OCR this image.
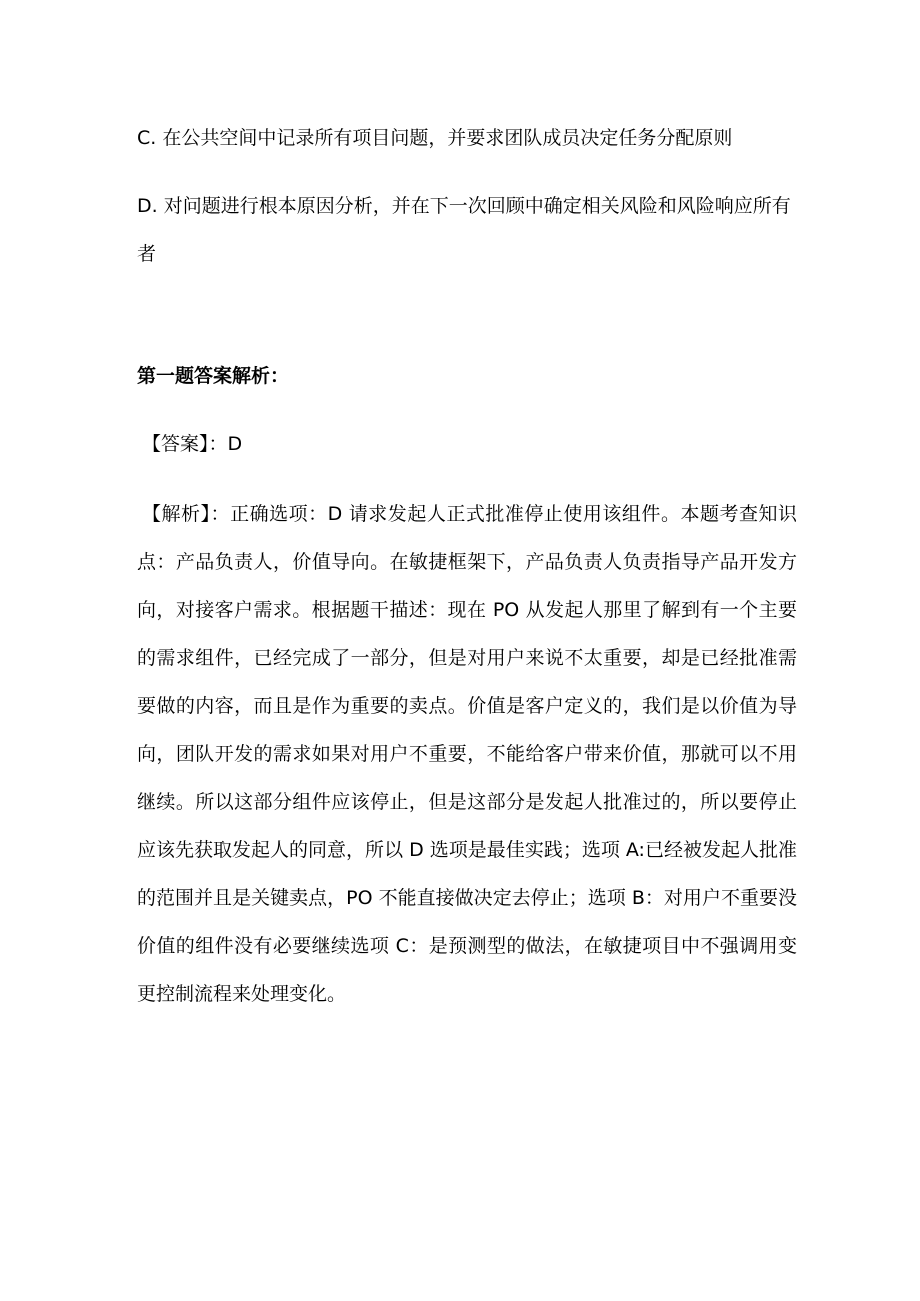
C. 在公共空间中记录所有项目问题，并要求团队成员决定任务分配原则

D. 对问题进行根本原因分析，并在下一次回顾中确定相关风险和风险响应所有者

第一题答案解析：

【答案】：D

【解析】：正确选项：D 请求发起人正式批准停止使用该组件。本题考查知识点：产品负责人，价值导向。在敏捷框架下，产品负责人负责指导产品开发方向，对接客户需求。根据题干描述：现在 PO 从发起人那里了解到有一个主要的需求组件，已经完成了一部分，但是对用户来说不太重要，却是已经批准需要做的内容，而且是作为重要的卖点。价值是客户定义的，我们是以价值为导向，团队开发的需求如果对用户不重要，不能给客户带来价值，那就可以不用继续。所以这部分组件应该停止，但是这部分是发起人批准过的，所以要停止应该先获取发起人的同意，所以 D 选项是最佳实践；选项 A:已经被发起人批准的范围并且是关键卖点，PO 不能直接做决定去停止；选项 B：对用户不重要没价值的组件没有必要继续选项 C：是预测型的做法，在敏捷项目中不强调用变更控制流程来处理变化。
